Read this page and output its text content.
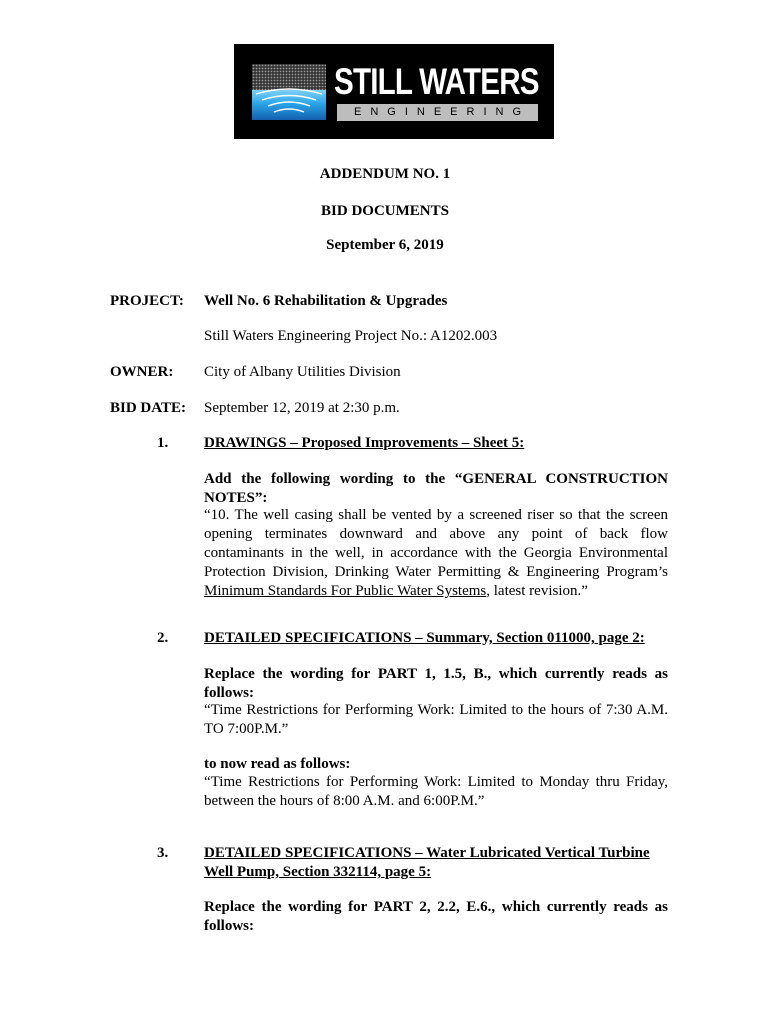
STILL WATERS
ENGINEERING
ADDENDUM NO. 1
BID DOCUMENTS
September 6, 2019
PROJECT: Well No. 6 Rehabilitation & Upgrades
Still Waters Engineering Project No.: A1202.003
OWNER: City of Albany Utilities Division
BID DATE: September 12, 2019 at 2:30 p.m.
1. DRAWINGS – Proposed Improvements – Sheet 5:
Add the following wording to the “GENERAL CONSTRUCTION NOTES”:
“10. The well casing shall be vented by a screened riser so that the screen opening terminates downward and above any point of back flow contaminants in the well, in accordance with the Georgia Environmental Protection Division, Drinking Water Permitting & Engineering Program’s Minimum Standards For Public Water Systems, latest revision.”
2. DETAILED SPECIFICATIONS – Summary, Section 011000, page 2:
Replace the wording for PART 1, 1.5, B., which currently reads as follows:
“Time Restrictions for Performing Work: Limited to the hours of 7:30 A.M. TO 7:00P.M.”
to now read as follows:
“Time Restrictions for Performing Work: Limited to Monday thru Friday, between the hours of 8:00 A.M. and 6:00P.M.”
3. DETAILED SPECIFICATIONS – Water Lubricated Vertical Turbine Well Pump, Section 332114, page 5:
Replace the wording for PART 2, 2.2, E.6., which currently reads as follows:
